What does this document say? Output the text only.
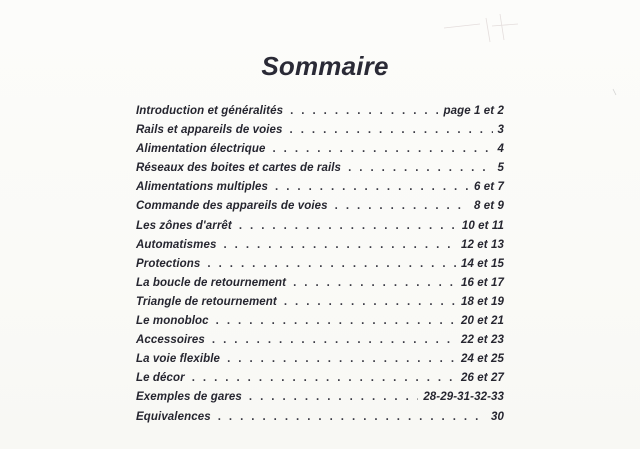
Sommaire
Introduction et généralités . . .	page 1 et 2
Rails et appareils de voies . . .	3
Alimentation électrique . . .	4
Réseaux des boites et cartes de rails . . .	5
Alimentations multiples . . .	6 et 7
Commande des appareils de voies . . .	8 et 9
Les zônes d'arrêt . . .	10 et 11
Automatismes . . .	12 et 13
Protections . . .	14 et 15
La boucle de retournement . . .	16 et 17
Triangle de retournement . . .	18 et 19
Le monobloc . . .	20 et 21
Accessoires . . .	22 et 23
La voie flexible . . .	24 et 25
Le décor . . .	26 et 27
Exemples de gares . . .	28-29-31-32-33
Equivalences . . .	30
